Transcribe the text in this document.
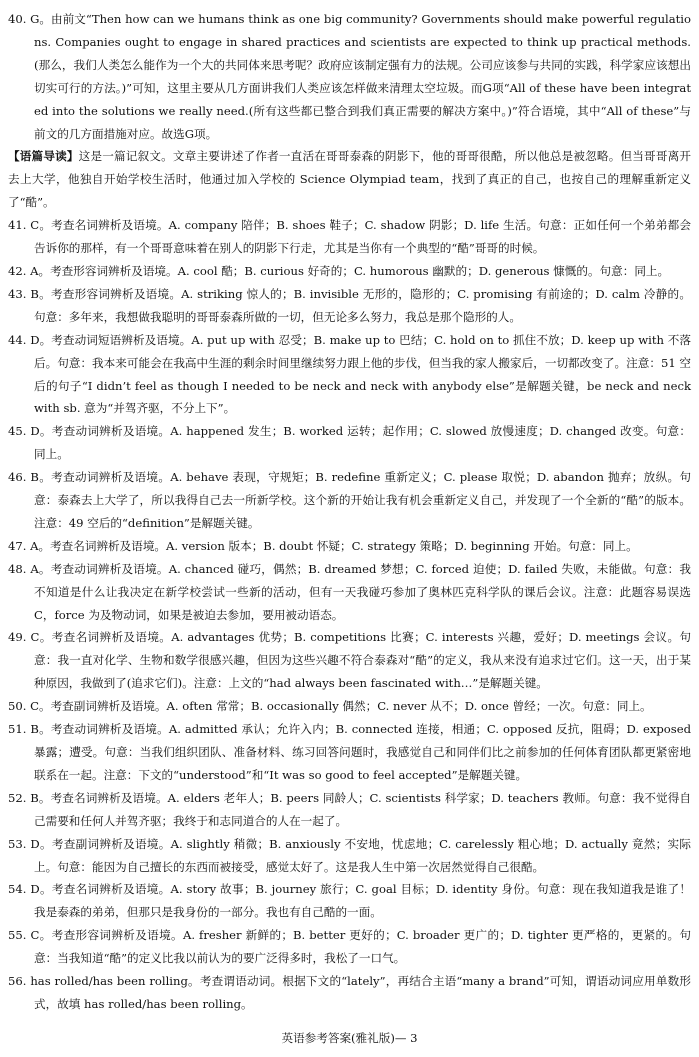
40. G。由前文“Then how can we humans think as one big community? Governments should make powerful regulations. Companies ought to engage in shared practices and scientists are expected to think up practical methods.(那么，我们人类怎么能作为一个大的共同体来思考呢？政府应该制定强有力的法规。公司应该参与共同的实践，科学家应该想出切实可行的方法。)”可知，这里主要从几方面讲我们人类应该怎样做来清理太空垃圾。而G项“All of these have been integrated into the solutions we really need.(所有这些都已整合到我们真正需要的解决方案中。)”符合语境，其中“All of these”与前文的几方面措施对应。故选G项。
【语篇导读】这是一篇记叙文。文章主要讲述了作者一直活在哥哥泰森的阴影下，他的哥哥很酷，所以他总是被忽略。但当哥哥离开去上大学，他独自开始学校生活时，他通过加入学校的 Science Olympiad team，找到了真正的自己，也按自己的理解重新定义了“酷”。
41. C。考查名词辨析及语境。A. company 陪伴；B. shoes 鞋子；C. shadow 阴影；D. life 生活。句意：正如任何一个弟弟都会告诉你的那样，有一个哥哥意味着在别人的阴影下行走，尤其是当你有一个典型的“酷”哥哥的时候。
42. A。考查形容词辨析及语境。A. cool 酷；B. curious 好奇的；C. humorous 幽默的；D. generous 慷慨的。句意：同上。
43. B。考查形容词辨析及语境。A. striking 惊人的；B. invisible 无形的，隐形的；C. promising 有前途的；D. calm 冷静的。句意：多年来，我想做我聪明的哥哥泰森所做的一切，但无论多么努力，我总是那个隐形的人。
44. D。考查动词短语辨析及语境。A. put up with 忍受；B. make up to 巴结；C. hold on to 抓住不放；D. keep up with 不落后。句意：我本来可能会在我高中生涯的剩余时间里继续努力跟上他的步伐，但当我的家人搬家后，一切都改变了。注意：51 空后的句子“I didn’t feel as though I needed to be neck and neck with anybody else”是解题关键，be neck and neck with sb. 意为“并驾齐驱，不分上下”。
45. D。考查动词辨析及语境。A. happened 发生；B. worked 运转；起作用；C. slowed 放慢速度；D. changed 改变。句意：同上。
46. B。考查动词辨析及语境。A. behave 表现，守规矩；B. redefine 重新定义；C. please 取悦；D. abandon 抛弃；放纵。句意：泰森去上大学了，所以我得自己去一所新学校。这个新的开始让我有机会重新定义自己，并发现了一个全新的“酷”的版本。注意：49 空后的“definition”是解题关键。
47. A。考查名词辨析及语境。A. version 版本；B. doubt 怀疑；C. strategy 策略；D. beginning 开始。句意：同上。
48. A。考查动词辨析及语境。A. chanced 碰巧，偶然；B. dreamed 梦想；C. forced 迫使；D. failed 失败，未能做。句意：我不知道是什么让我决定在新学校尝试一些新的活动，但有一天我碰巧参加了奥林匹克科学队的课后会议。注意：此题容易误选 C，force 为及物动词，如果是被迫去参加，要用被动语态。
49. C。考查名词辨析及语境。A. advantages 优势；B. competitions 比赛；C. interests 兴趣，爱好；D. meetings 会议。句意：我一直对化学、生物和数学很感兴趣，但因为这些兴趣不符合泰森对“酷”的定义，我从来没有追求过它们。这一天，出于某种原因，我做到了(追求它们)。注意：上文的“had always been fascinated with…”是解题关键。
50. C。考查副词辨析及语境。A. often 常常；B. occasionally 偶然；C. never 从不；D. once 曾经；一次。句意：同上。
51. B。考查动词辨析及语境。A. admitted 承认；允许入内；B. connected 连接，相通；C. opposed 反抗，阻碍；D. exposed 暴露；遭受。句意：当我们组织团队、准备材料、练习回答问题时，我感觉自己和同伴们比之前参加的任何体育团队都更紧密地联系在一起。注意：下文的“understood”和“It was so good to feel accepted”是解题关键。
52. B。考查名词辨析及语境。A. elders 老年人；B. peers 同龄人；C. scientists 科学家；D. teachers 教师。句意：我不觉得自己需要和任何人并驾齐驱；我终于和志同道合的人在一起了。
53. D。考查副词辨析及语境。A. slightly 稍微；B. anxiously 不安地，忧虑地；C. carelessly 粗心地；D. actually 竟然；实际上。句意：能因为自己擅长的东西而被接受，感觉太好了。这是我人生中第一次居然觉得自己很酷。
54. D。考查名词辨析及语境。A. story 故事；B. journey 旅行；C. goal 目标；D. identity 身份。句意：现在我知道我是谁了！我是泰森的弟弟，但那只是我身份的一部分。我也有自己酷的一面。
55. C。考查形容词辨析及语境。A. fresher 新鲜的；B. better 更好的；C. broader 更广的；D. tighter 更严格的，更紧的。句意：当我知道“酷”的定义比我以前认为的要广泛得多时，我松了一口气。
56. has rolled/has been rolling。考查谓语动词。根据下文的“lately”，再结合主语“many a brand”可知，谓语动词应用单数形式，故填 has rolled/has been rolling。
英语参考答案(雅礼版)— 3
